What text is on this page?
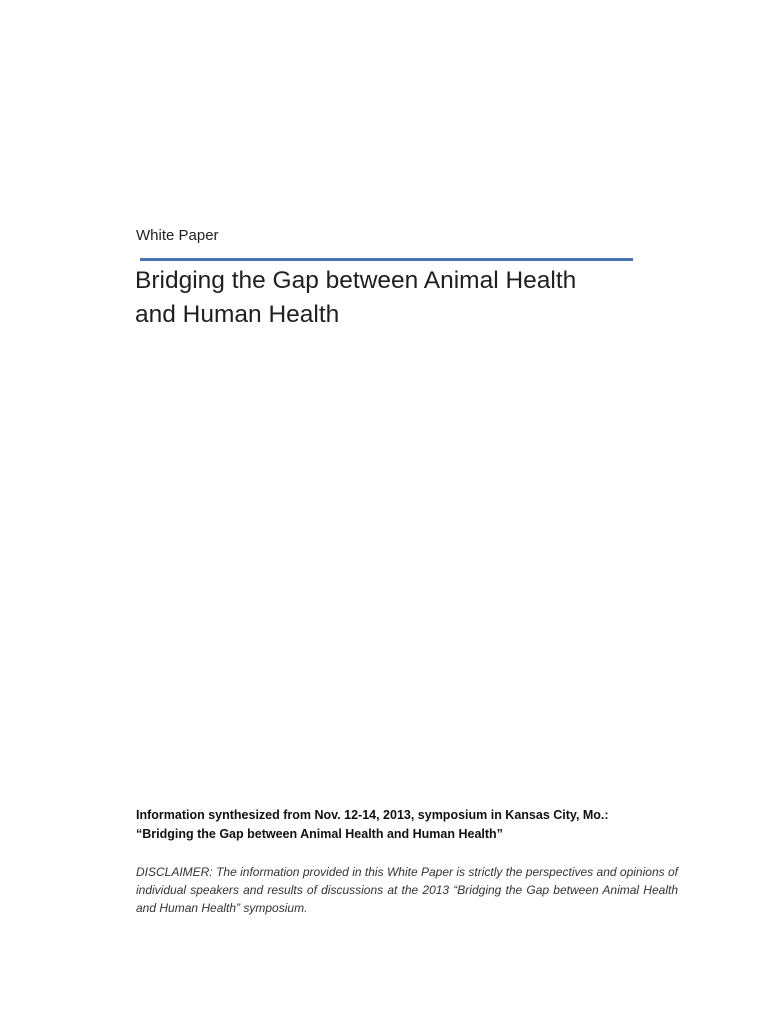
White Paper
Bridging the Gap between Animal Health
and Human Health
Information synthesized from Nov. 12-14, 2013, symposium in Kansas City, Mo.:
“Bridging the Gap between Animal Health and Human Health”

DISCLAIMER: The information provided in this White Paper is strictly the perspectives and opinions of individual speakers and results of discussions at the 2013 “Bridging the Gap between Animal Health and Human Health” symposium.
